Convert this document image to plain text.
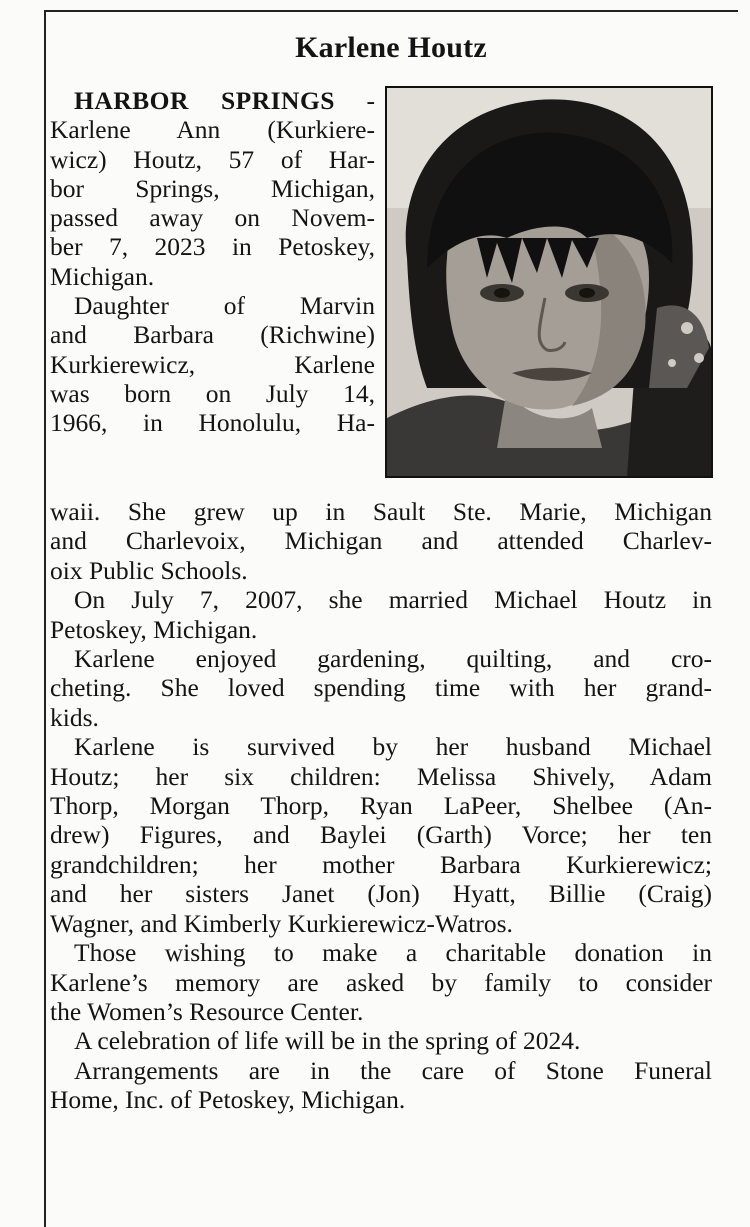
Karlene Houtz

HARBOR SPRINGS -
Karlene Ann (Kurkiere-
wicz) Houtz, 57 of Har-
bor Springs, Michigan,
passed away on Novem-
ber 7, 2023 in Petoskey,
Michigan.

Daughter of Marvin
and Barbara (Richwine)
Kurkierewicz, Karlene
was born on July 14,
1966, in Honolulu, Ha-

waii. She grew up in Sault Ste. Marie, Michigan
and Charlevoix, Michigan and attended Charlev-
oix Public Schools.
On July 7, 2007, she married Michael Houtz in
Petoskey, Michigan.
Karlene enjoyed gardening, quilting, and cro-
cheting. She loved spending time with her grand-
kids.
Karlene is survived by her husband Michael
Houtz; her six children: Melissa Shively, Adam
Thorp, Morgan Thorp, Ryan LaPeer, Shelbee (An-
drew) Figures, and Baylei (Garth) Vorce; her ten
grandchildren; her mother Barbara Kurkierewicz;
and her sisters Janet (Jon) Hyatt, Billie (Craig)
Wagner, and Kimberly Kurkierewicz-Watros.
Those wishing to make a charitable donation in
Karlene’s memory are asked by family to consider
the Women’s Resource Center.
A celebration of life will be in the spring of 2024.
Arrangements are in the care of Stone Funeral
Home, Inc. of Petoskey, Michigan.
